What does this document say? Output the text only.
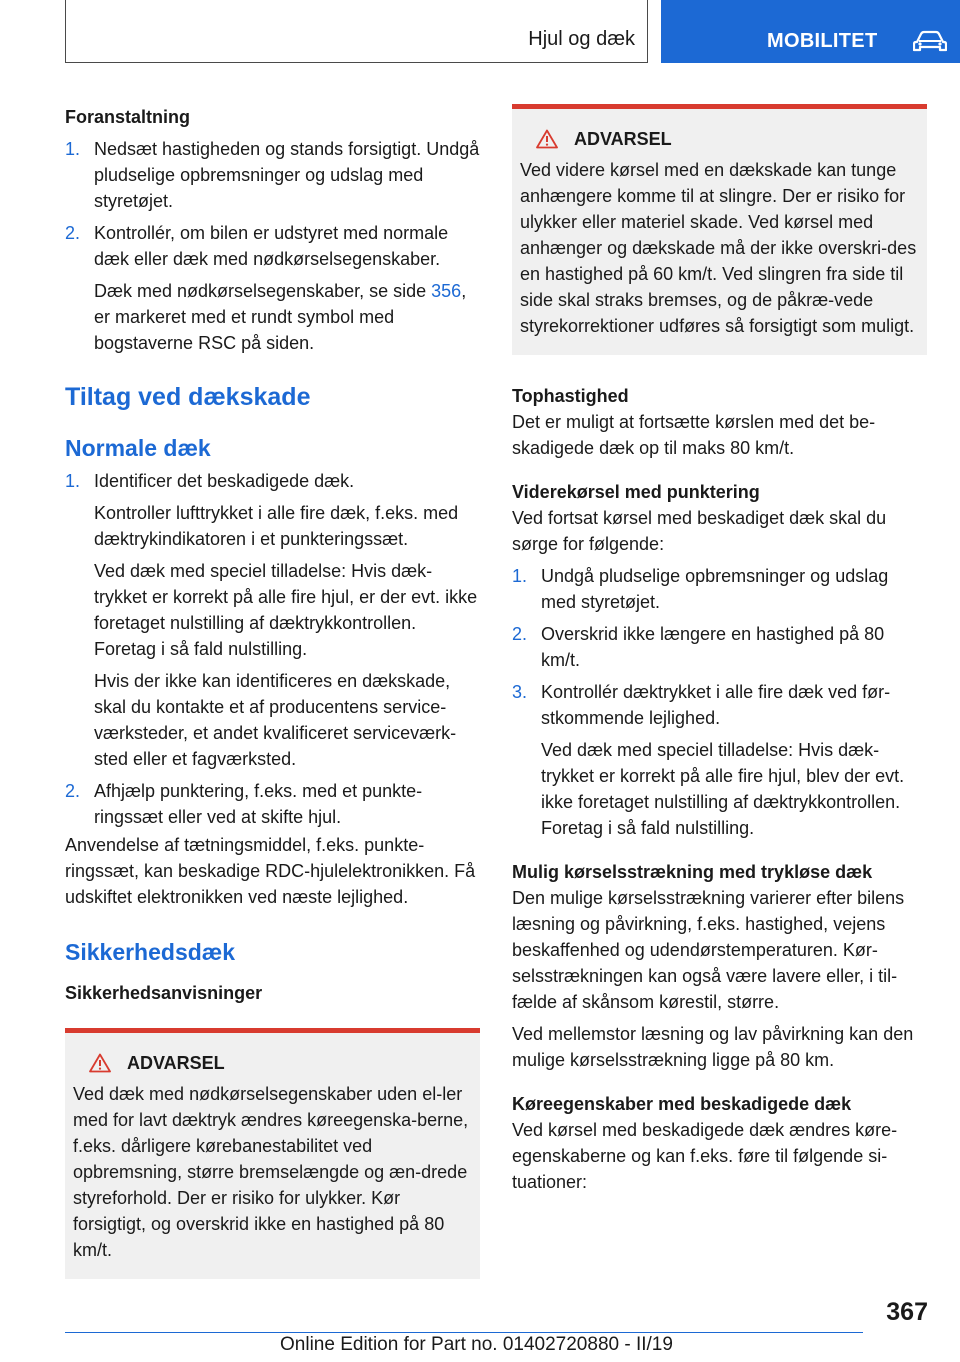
Hjul og dæk	MOBILITET
Foranstaltning
1. Nedsæt hastigheden og stands forsigtigt. Undgå pludselige opbremsninger og udslag med styretøjet.
2. Kontrollér, om bilen er udstyret med normale dæk eller dæk med nødkørselsegenskaber.
Dæk med nødkørselsegenskaber, se side 356, er markeret med et rundt symbol med bogstaverne RSC på siden.
Tiltag ved dækskade
Normale dæk
1. Identificer det beskadigede dæk.
Kontroller lufttrykket i alle fire dæk, f.eks. med dæktrykindikatoren i et punkteringssæt.
Ved dæk med speciel tilladelse: Hvis dæk-trykket er korrekt på alle fire hjul, er der evt. ikke foretaget nulstilling af dæktrykkontrollen. Foretag i så fald nulstilling.
Hvis der ikke kan identificeres en dækskade, skal du kontakte et af producentens service-værksteder, et andet kvalificeret serviceværk-sted eller et fagværksted.
2. Afhjælp punktering, f.eks. med et punkte-ringssæt eller ved at skifte hjul.

Anvendelse af tætningsmiddel, f.eks. punkte-ringssæt, kan beskadige RDC-hjulelektronikken. Få udskiftet elektronikken ved næste lejlighed.

Sikkerhedsdæk
Sikkerhedsanvisninger
ADVARSEL

Ved dæk med nødkørselsegenskaber uden el-ler med for lavt dæktryk ændres køreegenska-berne, f.eks. dårligere kørebanestabilitet ved opbremsning, større bremselængde og æn-drede styreforhold. Der er risiko for ulykker. Kør forsigtigt, og overskrid ikke en hastighed på 80 km/t.

ADVARSEL

Ved videre kørsel med en dækskade kan tunge anhængere komme til at slingre. Der er risiko for ulykker eller materiel skade. Ved kørsel med anhænger og dækskade må der ikke overskri-des en hastighed på 60 km/t. Ved slingren fra side til side skal straks bremses, og de påkræ-vede styrekorrektioner udføres så forsigtigt som muligt.

Tophastighed

Det er muligt at fortsætte kørslen med det be-skadigede dæk op til maks 80 km/t.

Viderekørsel med punktering

Ved fortsat kørsel med beskadiget dæk skal du sørge for følgende:

1. Undgå pludselige opbremsninger og udslag med styretøjet.
2. Overskrid ikke længere en hastighed på 80 km/t.
3. Kontrollér dæktrykket i alle fire dæk ved før-stkommende lejlighed.
Ved dæk med speciel tilladelse: Hvis dæk-trykket er korrekt på alle fire hjul, blev der evt. ikke foretaget nulstilling af dæktrykkontrollen. Foretag i så fald nulstilling.
Mulig kørselsstrækning med trykløse dæk

Den mulige kørselsstrækning varierer efter bilens læsning og påvirkning, f.eks. hastighed, vejens beskaffenhed og udendørstemperaturen. Kør-selsstrækningen kan også være lavere eller, i til-fælde af skånsom kørestil, større.

Ved mellemstor læsning og lav påvirkning kan den mulige kørselsstrækning ligge på 80 km.

Køreegenskaber med beskadigede dæk

Ved kørsel med beskadigede dæk ændres køre-egenskaberne og kan f.eks. føre til følgende si-tuationer:

367
Online Edition for Part no. 01402720880 - II/19
